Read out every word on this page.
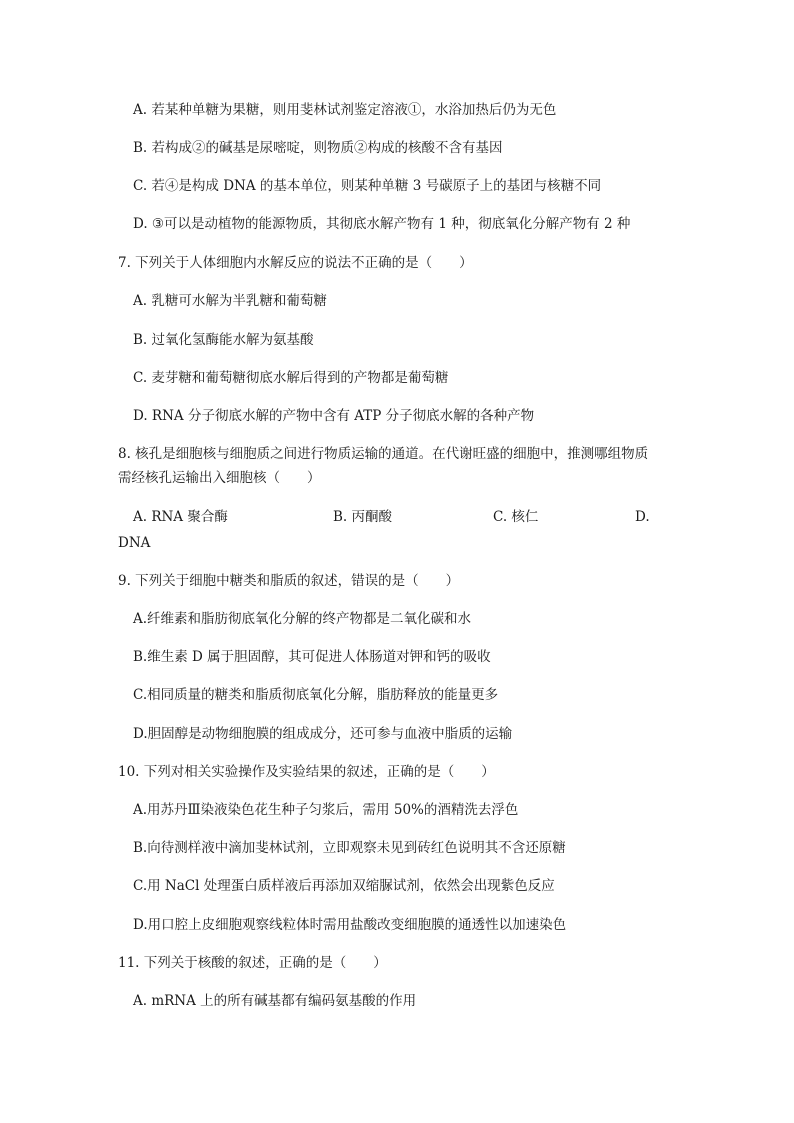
A. 若某种单糖为果糖，则用斐林试剂鉴定溶液①，水浴加热后仍为无色
B. 若构成②的碱基是尿嘧啶，则物质②构成的核酸不含有基因
C. 若④是构成 DNA 的基本单位，则某种单糖 3 号碳原子上的基团与核糖不同
D. ③可以是动植物的能源物质，其彻底水解产物有 1 种，彻底氧化分解产物有 2 种
7. 下列关于人体细胞内水解反应的说法不正确的是（　　）
A. 乳糖可水解为半乳糖和葡萄糖
B. 过氧化氢酶能水解为氨基酸
C. 麦芽糖和葡萄糖彻底水解后得到的产物都是葡萄糖
D. RNA 分子彻底水解的产物中含有 ATP 分子彻底水解的各种产物
8. 核孔是细胞核与细胞质之间进行物质运输的通道。在代谢旺盛的细胞中，推测哪组物质
需经核孔运输出入细胞核（　　）
A. RNA 聚合酶	B. 丙酮酸	C. 核仁	D.
DNA
9. 下列关于细胞中糖类和脂质的叙述，错误的是（　　）
A.纤维素和脂肪彻底氧化分解的终产物都是二氧化碳和水
B.维生素 D 属于胆固醇，其可促进人体肠道对钾和钙的吸收
C.相同质量的糖类和脂质彻底氧化分解，脂肪释放的能量更多
D.胆固醇是动物细胞膜的组成成分，还可参与血液中脂质的运输
10. 下列对相关实验操作及实验结果的叙述，正确的是（　　）
A.用苏丹Ⅲ染液染色花生种子匀浆后，需用 50%的酒精洗去浮色
B.向待测样液中滴加斐林试剂，立即观察未见到砖红色说明其不含还原糖
C.用 NaCl 处理蛋白质样液后再添加双缩脲试剂，依然会出现紫色反应
D.用口腔上皮细胞观察线粒体时需用盐酸改变细胞膜的通透性以加速染色
11. 下列关于核酸的叙述，正确的是（　　）
A. mRNA 上的所有碱基都有编码氨基酸的作用
